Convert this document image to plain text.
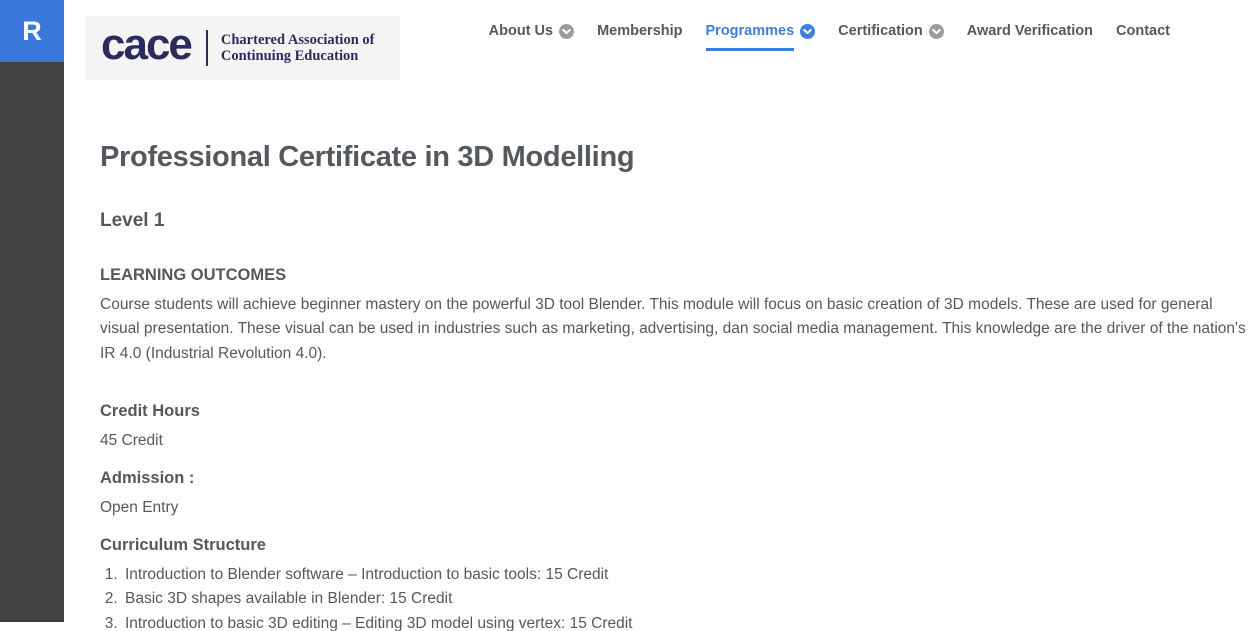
R	cace Chartered Association of
Continuing Education
About Us	Membership Programmes	Certification	Award Verification Contact
Professional Certificate in 3D Modelling
Level 1
LEARNING OUTCOMES

Course students will achieve beginner mastery on the powerful 3D tool Blender. This module will focus on basic creation of 3D models. These are used for general visual presentation. These visual can be used in industries such as marketing, advertising, dan social media management. This knowledge are the driver of the nation's IR 4.0 (Industrial Revolution 4.0).

Credit Hours

45 Credit

Admission :

Open Entry

Curriculum Structure
1. Introduction to Blender software – Introduction to basic tools: 15 Credit
2. Basic 3D shapes available in Blender: 15 Credit
3. Introduction to basic 3D editing – Editing 3D model using vertex: 15 Credit
